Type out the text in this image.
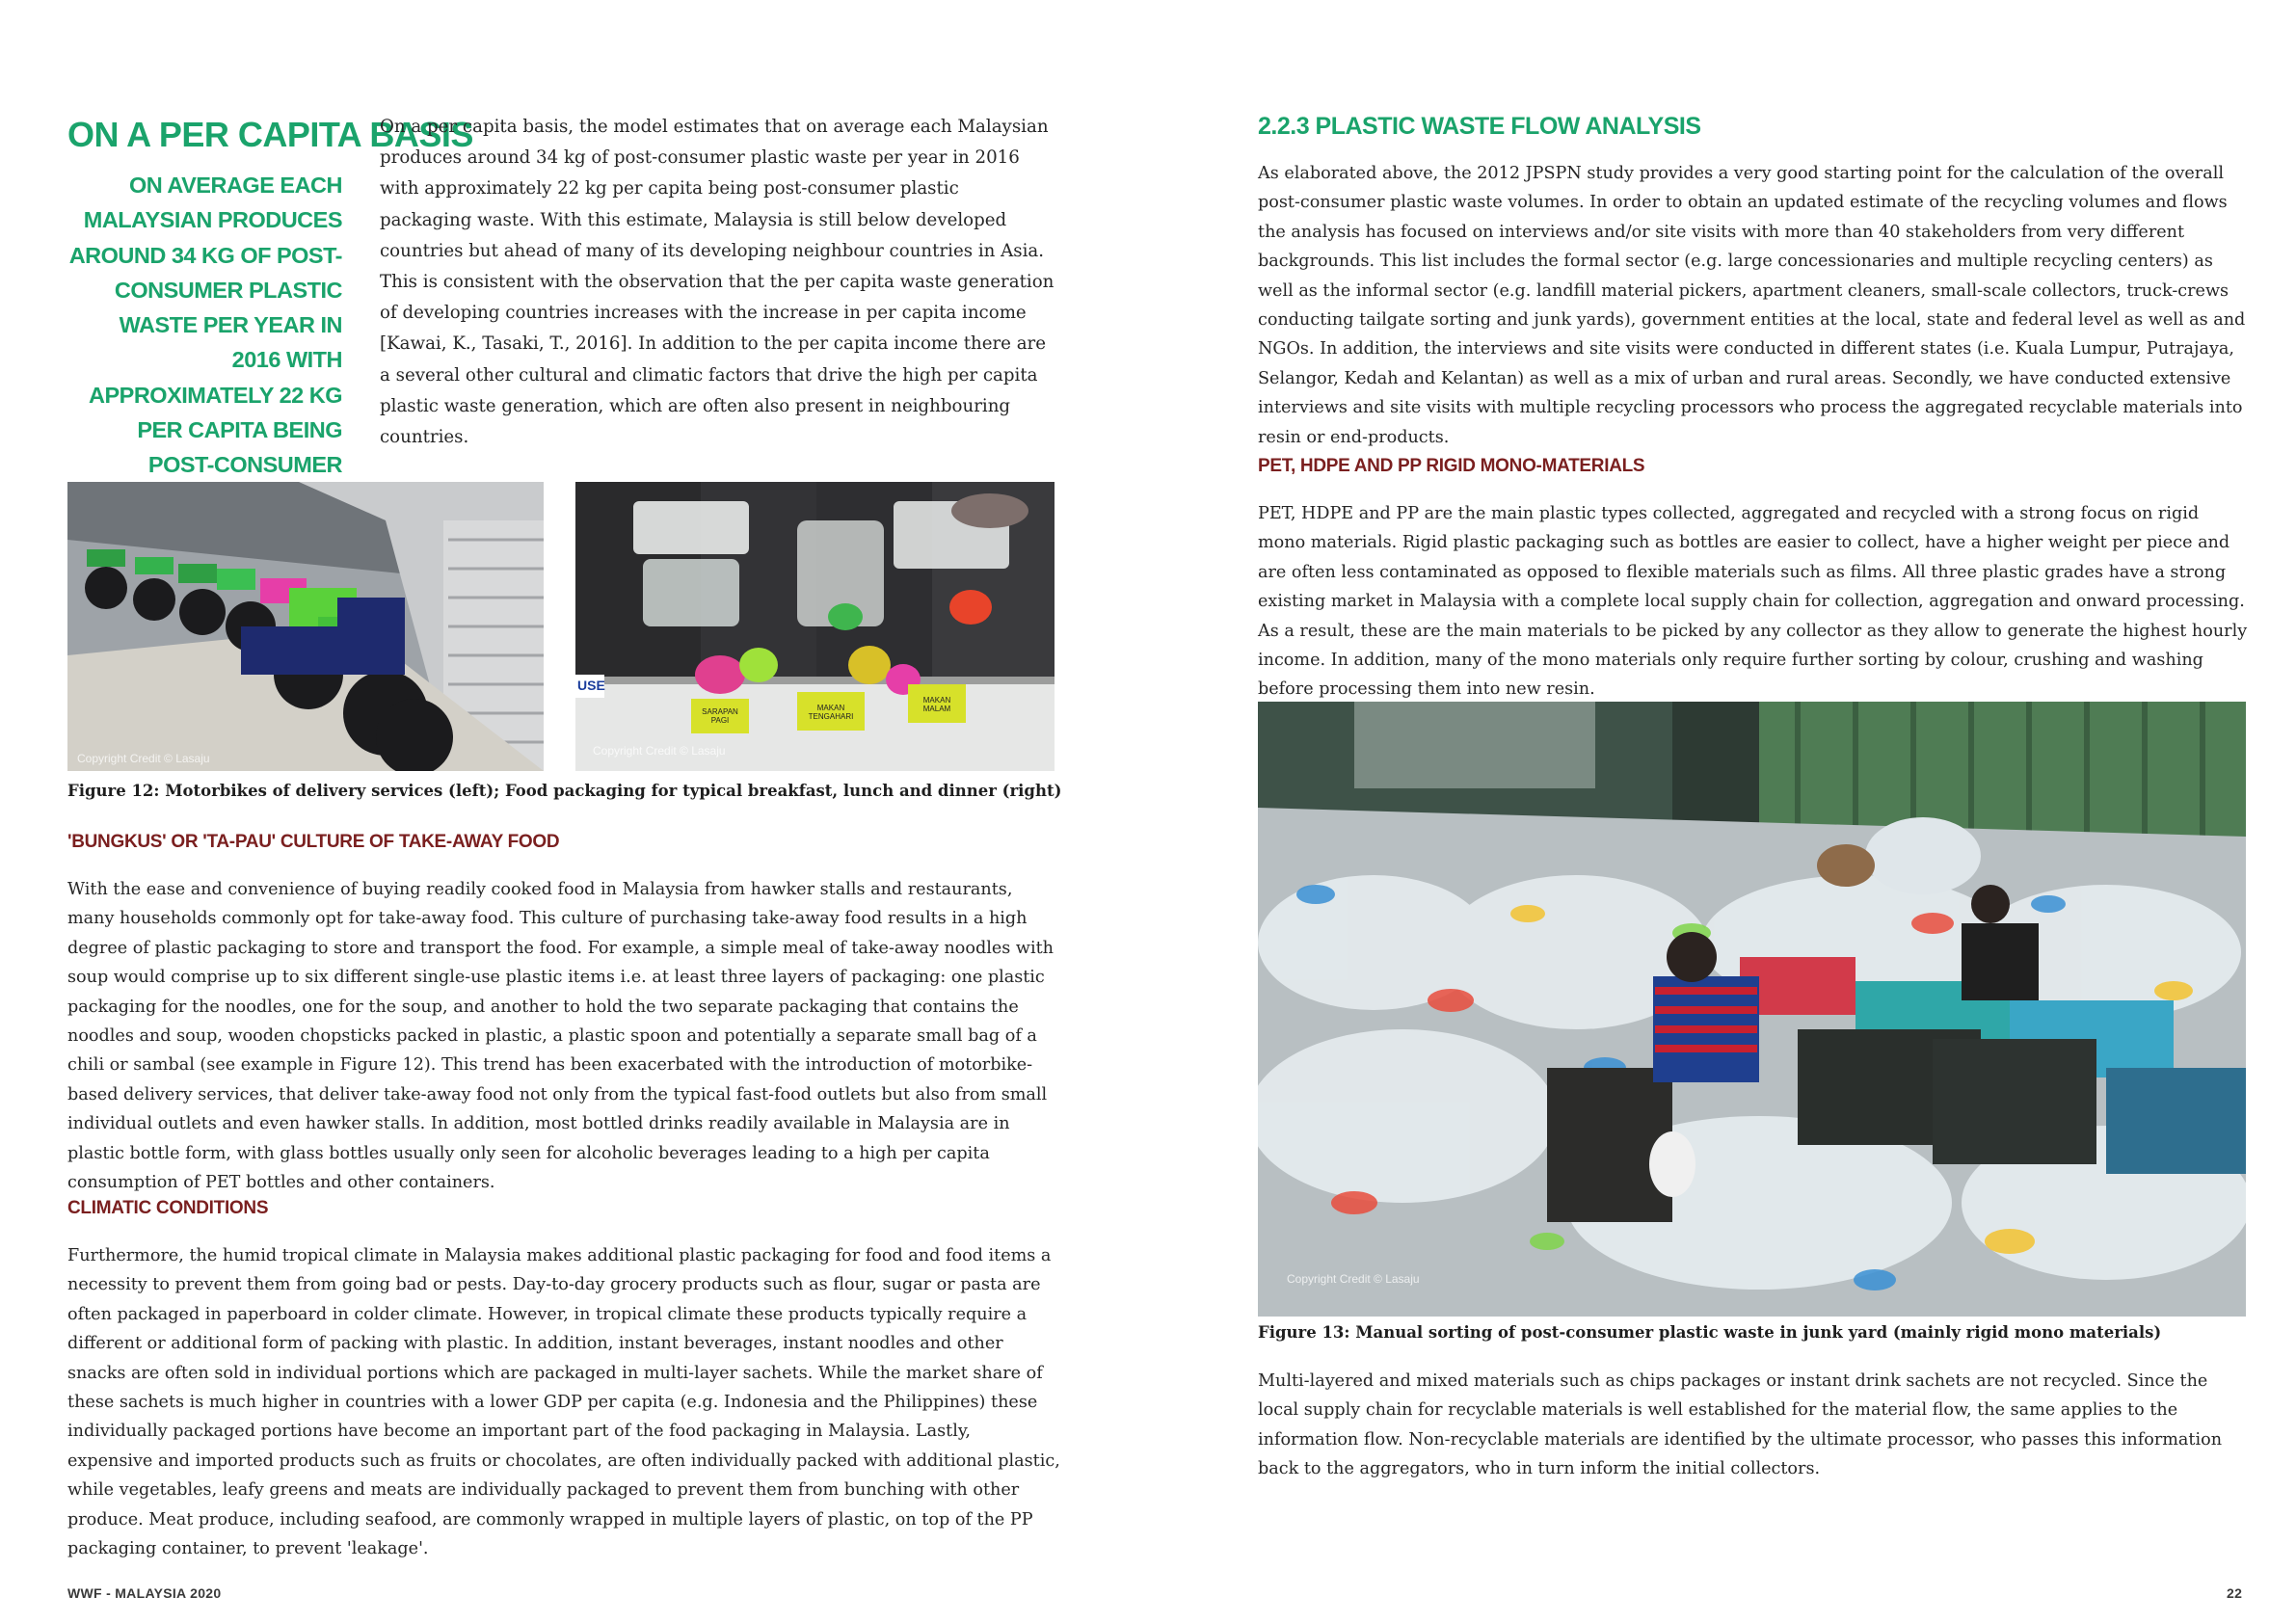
ON A PER CAPITA BASIS
ON AVERAGE EACH MALAYSIAN PRODUCES AROUND 34 KG OF POST-CONSUMER PLASTIC WASTE PER YEAR IN 2016 WITH APPROXIMATELY 22 KG PER CAPITA BEING POST-CONSUMER
On a per capita basis, the model estimates that on average each Malaysian produces around 34 kg of post-consumer plastic waste per year in 2016 with approximately 22 kg per capita being post-consumer plastic packaging waste. With this estimate, Malaysia is still below developed countries but ahead of many of its developing neighbour countries in Asia. This is consistent with the observation that the per capita waste generation of developing countries increases with the increase in per capita income [Kawai, K., Tasaki, T., 2016]. In addition to the per capita income there are a several other cultural and climatic factors that drive the high per capita plastic waste generation, which are often also present in neighbouring countries.
Copyright Credit © Lasaju
USE
SARAPAN PAGI
MAKAN TENGAHARI
MAKAN MALAM
Copyright Credit © Lasaju
Figure 12: Motorbikes of delivery services (left); Food packaging for typical breakfast, lunch and dinner (right)
'BUNGKUS' OR 'TA-PAU' CULTURE OF TAKE-AWAY FOOD
With the ease and convenience of buying readily cooked food in Malaysia from hawker stalls and restaurants, many households commonly opt for take-away food. This culture of purchasing take-away food results in a high degree of plastic packaging to store and transport the food. For example, a simple meal of take-away noodles with soup would comprise up to six different single-use plastic items i.e. at least three layers of packaging: one plastic packaging for the noodles, one for the soup, and another to hold the two separate packaging that contains the noodles and soup, wooden chopsticks packed in plastic, a plastic spoon and potentially a separate small bag of a chili or sambal (see example in Figure 12). This trend has been exacerbated with the introduction of motorbike-based delivery services, that deliver take-away food not only from the typical fast-food outlets but also from small individual outlets and even hawker stalls. In addition, most bottled drinks readily available in Malaysia are in plastic bottle form, with glass bottles usually only seen for alcoholic beverages leading to a high per capita consumption of PET bottles and other containers.
CLIMATIC CONDITIONS
Furthermore, the humid tropical climate in Malaysia makes additional plastic packaging for food and food items a necessity to prevent them from going bad or pests. Day-to-day grocery products such as flour, sugar or pasta are often packaged in paperboard in colder climate. However, in tropical climate these products typically require a different or additional form of packing with plastic. In addition, instant beverages, instant noodles and other snacks are often sold in individual portions which are packaged in multi-layer sachets. While the market share of these sachets is much higher in countries with a lower GDP per capita (e.g. Indonesia and the Philippines) these individually packaged portions have become an important part of the food packaging in Malaysia. Lastly, expensive and imported products such as fruits or chocolates, are often individually packed with additional plastic, while vegetables, leafy greens and meats are individually packaged to prevent them from bunching with other produce. Meat produce, including seafood, are commonly wrapped in multiple layers of plastic, on top of the PP packaging container, to prevent 'leakage'.
WWF - MALAYSIA 2020
2.2.3 PLASTIC WASTE FLOW ANALYSIS
As elaborated above, the 2012 JPSPN study provides a very good starting point for the calculation of the overall post-consumer plastic waste volumes. In order to obtain an updated estimate of the recycling volumes and flows the analysis has focused on interviews and/or site visits with more than 40 stakeholders from very different backgrounds. This list includes the formal sector (e.g. large concessionaries and multiple recycling centers) as well as the informal sector (e.g. landfill material pickers, apartment cleaners, small-scale collectors, truck-crews conducting tailgate sorting and junk yards), government entities at the local, state and federal level as well as and NGOs. In addition, the interviews and site visits were conducted in different states (i.e. Kuala Lumpur, Putrajaya, Selangor, Kedah and Kelantan) as well as a mix of urban and rural areas. Secondly, we have conducted extensive interviews and site visits with multiple recycling processors who process the aggregated recyclable materials into resin or end-products.
PET, HDPE AND PP RIGID MONO-MATERIALS
PET, HDPE and PP are the main plastic types collected, aggregated and recycled with a strong focus on rigid mono materials. Rigid plastic packaging such as bottles are easier to collect, have a higher weight per piece and are often less contaminated as opposed to flexible materials such as films. All three plastic grades have a strong existing market in Malaysia with a complete local supply chain for collection, aggregation and onward processing. As a result, these are the main materials to be picked by any collector as they allow to generate the highest hourly income. In addition, many of the mono materials only require further sorting by colour, crushing and washing before processing them into new resin.
Copyright Credit © Lasaju
Figure 13: Manual sorting of post-consumer plastic waste in junk yard (mainly rigid mono materials)
Multi-layered and mixed materials such as chips packages or instant drink sachets are not recycled. Since the local supply chain for recyclable materials is well established for the material flow, the same applies to the information flow. Non-recyclable materials are identified by the ultimate processor, who passes this information back to the aggregators, who in turn inform the initial collectors.
22
